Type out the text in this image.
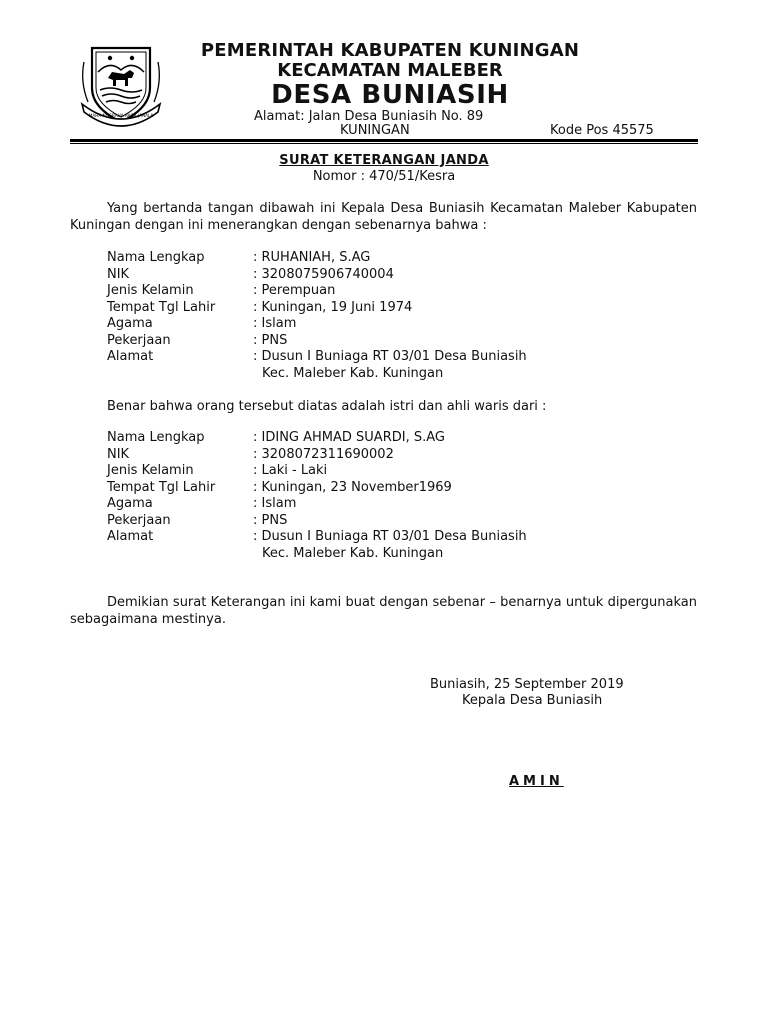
MAHA NUGRAHA RAGA JANALA
PEMERINTAH KABUPATEN KUNINGAN
KECAMATAN MALEBER
DESA BUNIASIH
Alamat: Jalan Desa Buniasih No. 89
KUNINGAN	Kode Pos 45575
SURAT KETERANGAN JANDA
Nomor : 470/51/Kesra
Yang bertanda tangan dibawah ini Kepala Desa Buniasih Kecamatan Maleber Kabupaten Kuningan dengan ini menerangkan dengan sebenarnya bahwa :
Nama Lengkap	: RUHANIAH, S.AG
NIK	: 3208075906740004
Jenis Kelamin	: Perempuan
Tempat Tgl Lahir	: Kuningan, 19 Juni 1974
Agama	: Islam
Pekerjaan	: PNS
Alamat	: Dusun I Buniaga RT 03/01 Desa Buniasih
Kec. Maleber Kab. Kuningan
Benar bahwa orang tersebut diatas adalah istri dan ahli waris dari :
Nama Lengkap	: IDING AHMAD SUARDI, S.AG
NIK	: 3208072311690002
Jenis Kelamin	: Laki - Laki
Tempat Tgl Lahir	: Kuningan, 23 November1969
Agama	: Islam
Pekerjaan	: PNS
Alamat	: Dusun I Buniaga RT 03/01 Desa Buniasih
Kec. Maleber Kab. Kuningan
Demikian surat Keterangan ini kami buat dengan sebenar – benarnya untuk dipergunakan sebagaimana mestinya.
Buniasih, 25 September 2019
Kepala Desa Buniasih
AMIN
